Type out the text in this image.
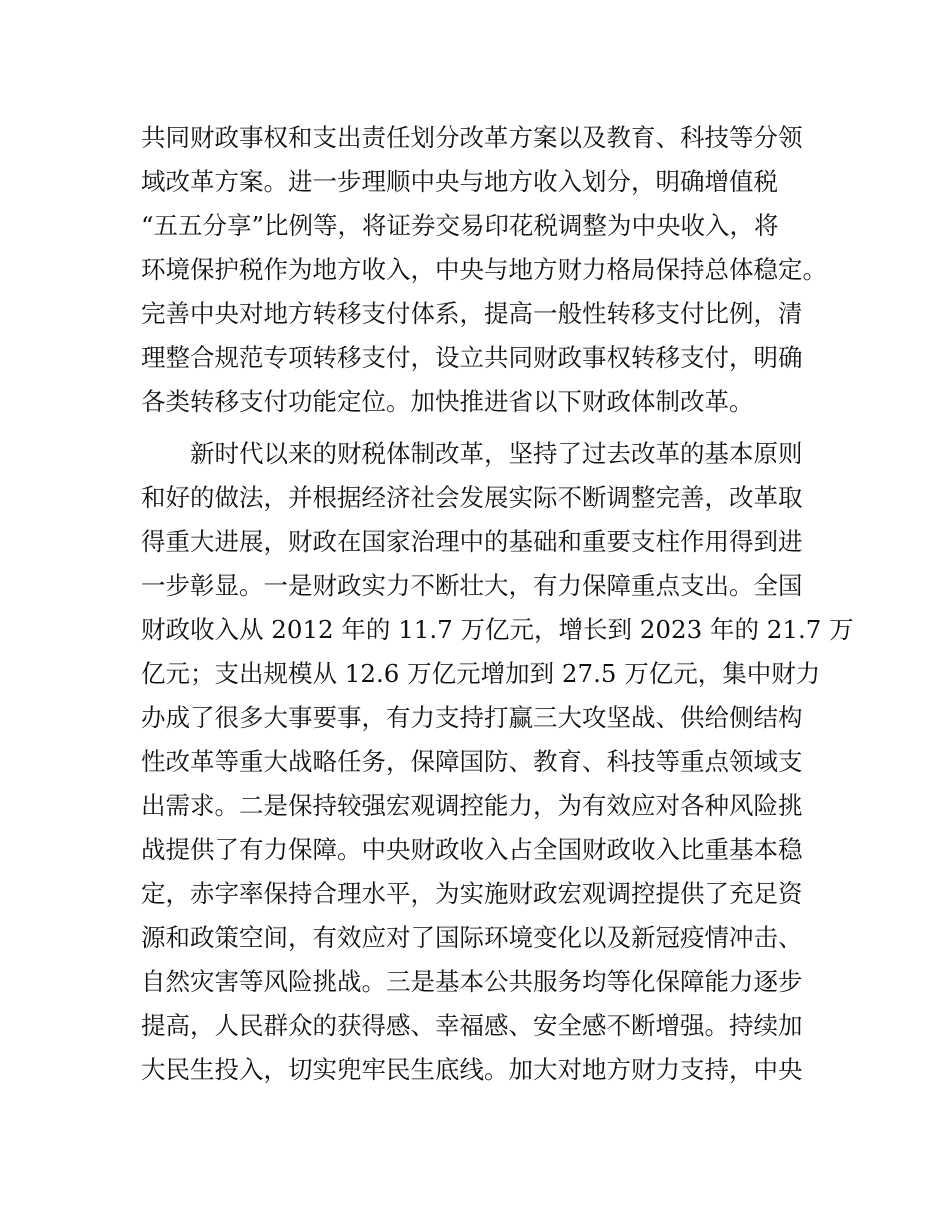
共同财政事权和支出责任划分改革方案以及教育、科技等分领

域改革方案。进一步理顺中央与地方收入划分，明确增值税

“五五分享”比例等，将证券交易印花税调整为中央收入，将

环境保护税作为地方收入，中央与地方财力格局保持总体稳定。

完善中央对地方转移支付体系，提高一般性转移支付比例，清

理整合规范专项转移支付，设立共同财政事权转移支付，明确

各类转移支付功能定位。加快推进省以下财政体制改革。

新时代以来的财税体制改革，坚持了过去改革的基本原则

和好的做法，并根据经济社会发展实际不断调整完善，改革取

得重大进展，财政在国家治理中的基础和重要支柱作用得到进

一步彰显。一是财政实力不断壮大，有力保障重点支出。全国

财政收入从 2012 年的 11.7 万亿元，增长到 2023 年的 21.7 万

亿元；支出规模从 12.6 万亿元增加到 27.5 万亿元，集中财力

办成了很多大事要事，有力支持打赢三大攻坚战、供给侧结构

性改革等重大战略任务，保障国防、教育、科技等重点领域支

出需求。二是保持较强宏观调控能力，为有效应对各种风险挑

战提供了有力保障。中央财政收入占全国财政收入比重基本稳

定，赤字率保持合理水平，为实施财政宏观调控提供了充足资

源和政策空间，有效应对了国际环境变化以及新冠疫情冲击、

自然灾害等风险挑战。三是基本公共服务均等化保障能力逐步

提高，人民群众的获得感、幸福感、安全感不断增强。持续加

大民生投入，切实兜牢民生底线。加大对地方财力支持，中央
